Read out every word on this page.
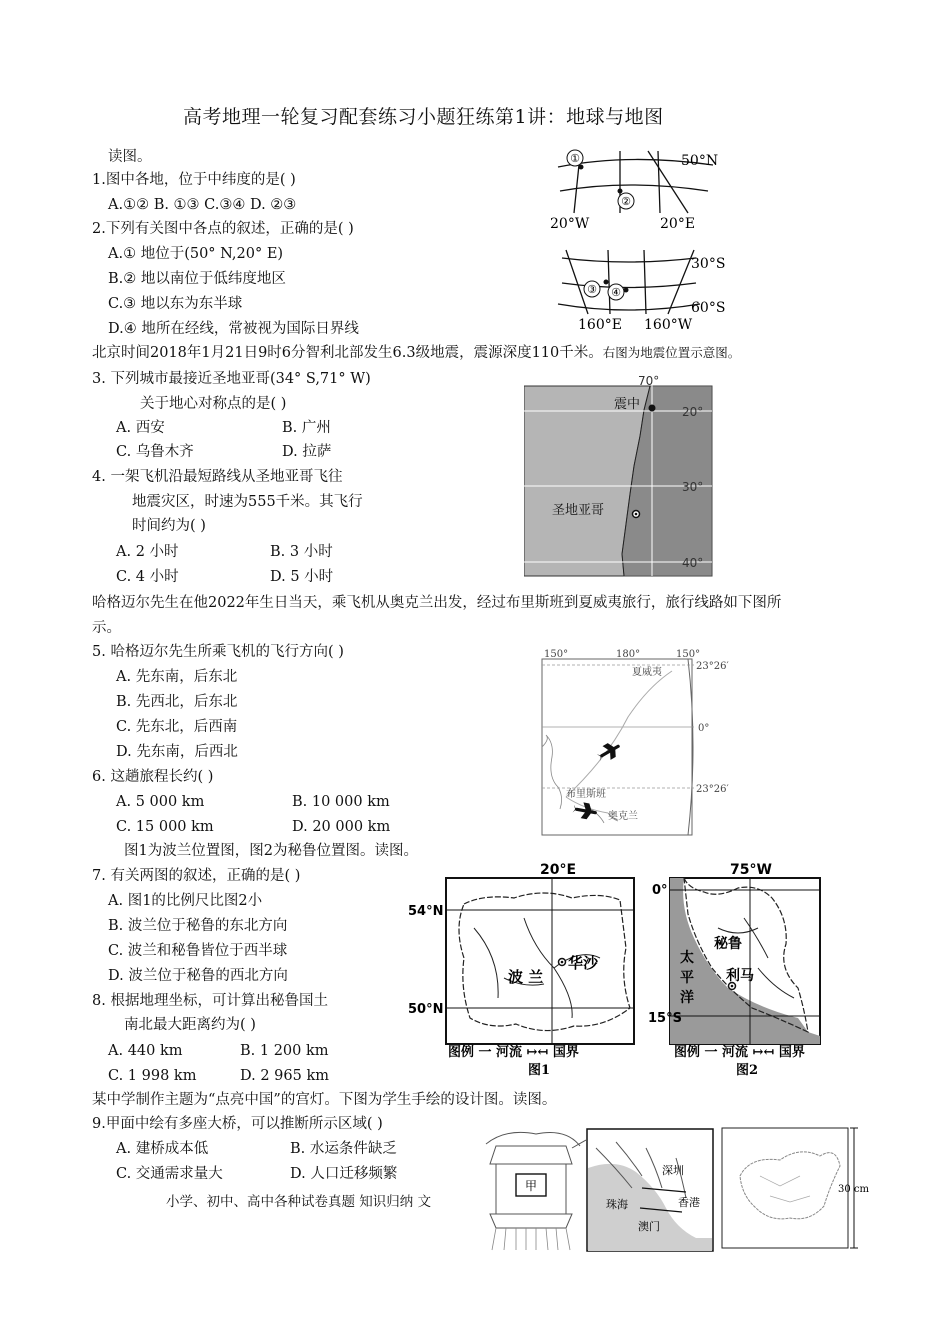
高考地理一轮复习配套练习小题狂练第1讲：地球与地图
读图。
1.图中各地，位于中纬度的是( )
A.①② B. ①③ C.③④ D. ②③
2.下列有关图中各点的叙述，正确的是( )
A.① 地位于(50° N,20° E)
B.② 地以南位于低纬度地区
C.③ 地以东为东半球
D.④ 地所在经线，常被视为国际日界线
①
②
50°N
20°W	20°E
③ ④
30°S
60°S
160°E 160°W
北京时间2018年1月21日9时6分智利北部发生6.3级地震，震源深度110千米。右图为地震位置示意图。
3. 下列城市最接近圣地亚哥(34° S,71° W)
关于地心对称点的是( )
A. 西安	B. 广州
C. 乌鲁木齐	D. 拉萨
4. 一架飞机沿最短路线从圣地亚哥飞往
地震灾区，时速为555千米。其飞行
时间约为( )
A. 2 小时	B. 3 小时
C. 4 小时	D. 5 小时
70°
20°
30°
40°
震中
圣地亚哥
哈格迈尔先生在他2022年生日当天，乘飞机从奥克兰出发，经过布里斯班到夏威夷旅行，旅行线路如下图所
示。
5. 哈格迈尔先生所乘飞机的飞行方向( )
A. 先东南，后东北
B. 先西北，后东北
C. 先东北，后西南
D. 先东南，后西北
6. 这趟旅程长约( )
A. 5 000 km	B. 10 000 km
C. 15 000 km	D. 20 000 km
150°	180°	150°
23°26′
0°
23°26′
夏威夷
布里斯班
奥克兰
图1为波兰位置图，图2为秘鲁位置图。读图。
7. 有关两图的叙述，正确的是( )
A. 图1的比例尺比图2小
B. 波兰位于秘鲁的东北方向
C. 波兰和秘鲁皆位于西半球
D. 波兰位于秘鲁的西北方向
8. 根据地理坐标，可计算出秘鲁国土
南北最大距离约为( )
A. 440 km	B. 1 200 km
C. 1 998 km	D. 2 965 km
20°E
54°N
50°N
波 兰
华沙
图例 一 河流 ↦↤ 国界
图1
75°W
0°
15°S
秘鲁
利马
太
平
洋
图例 一 河流 ↦↤ 国界
图2
某中学制作主题为“点亮中国”的宫灯。下图为学生手绘的设计图。读图。
9.甲面中绘有多座大桥，可以推断所示区域( )
A. 建桥成本低	B. 水运条件缺乏
C. 交通需求量大	D. 人口迁移频繁
甲
深圳
珠海	香港
澳门
30 cm
小学、初中、高中各种试卷真题 知识归纳 文
